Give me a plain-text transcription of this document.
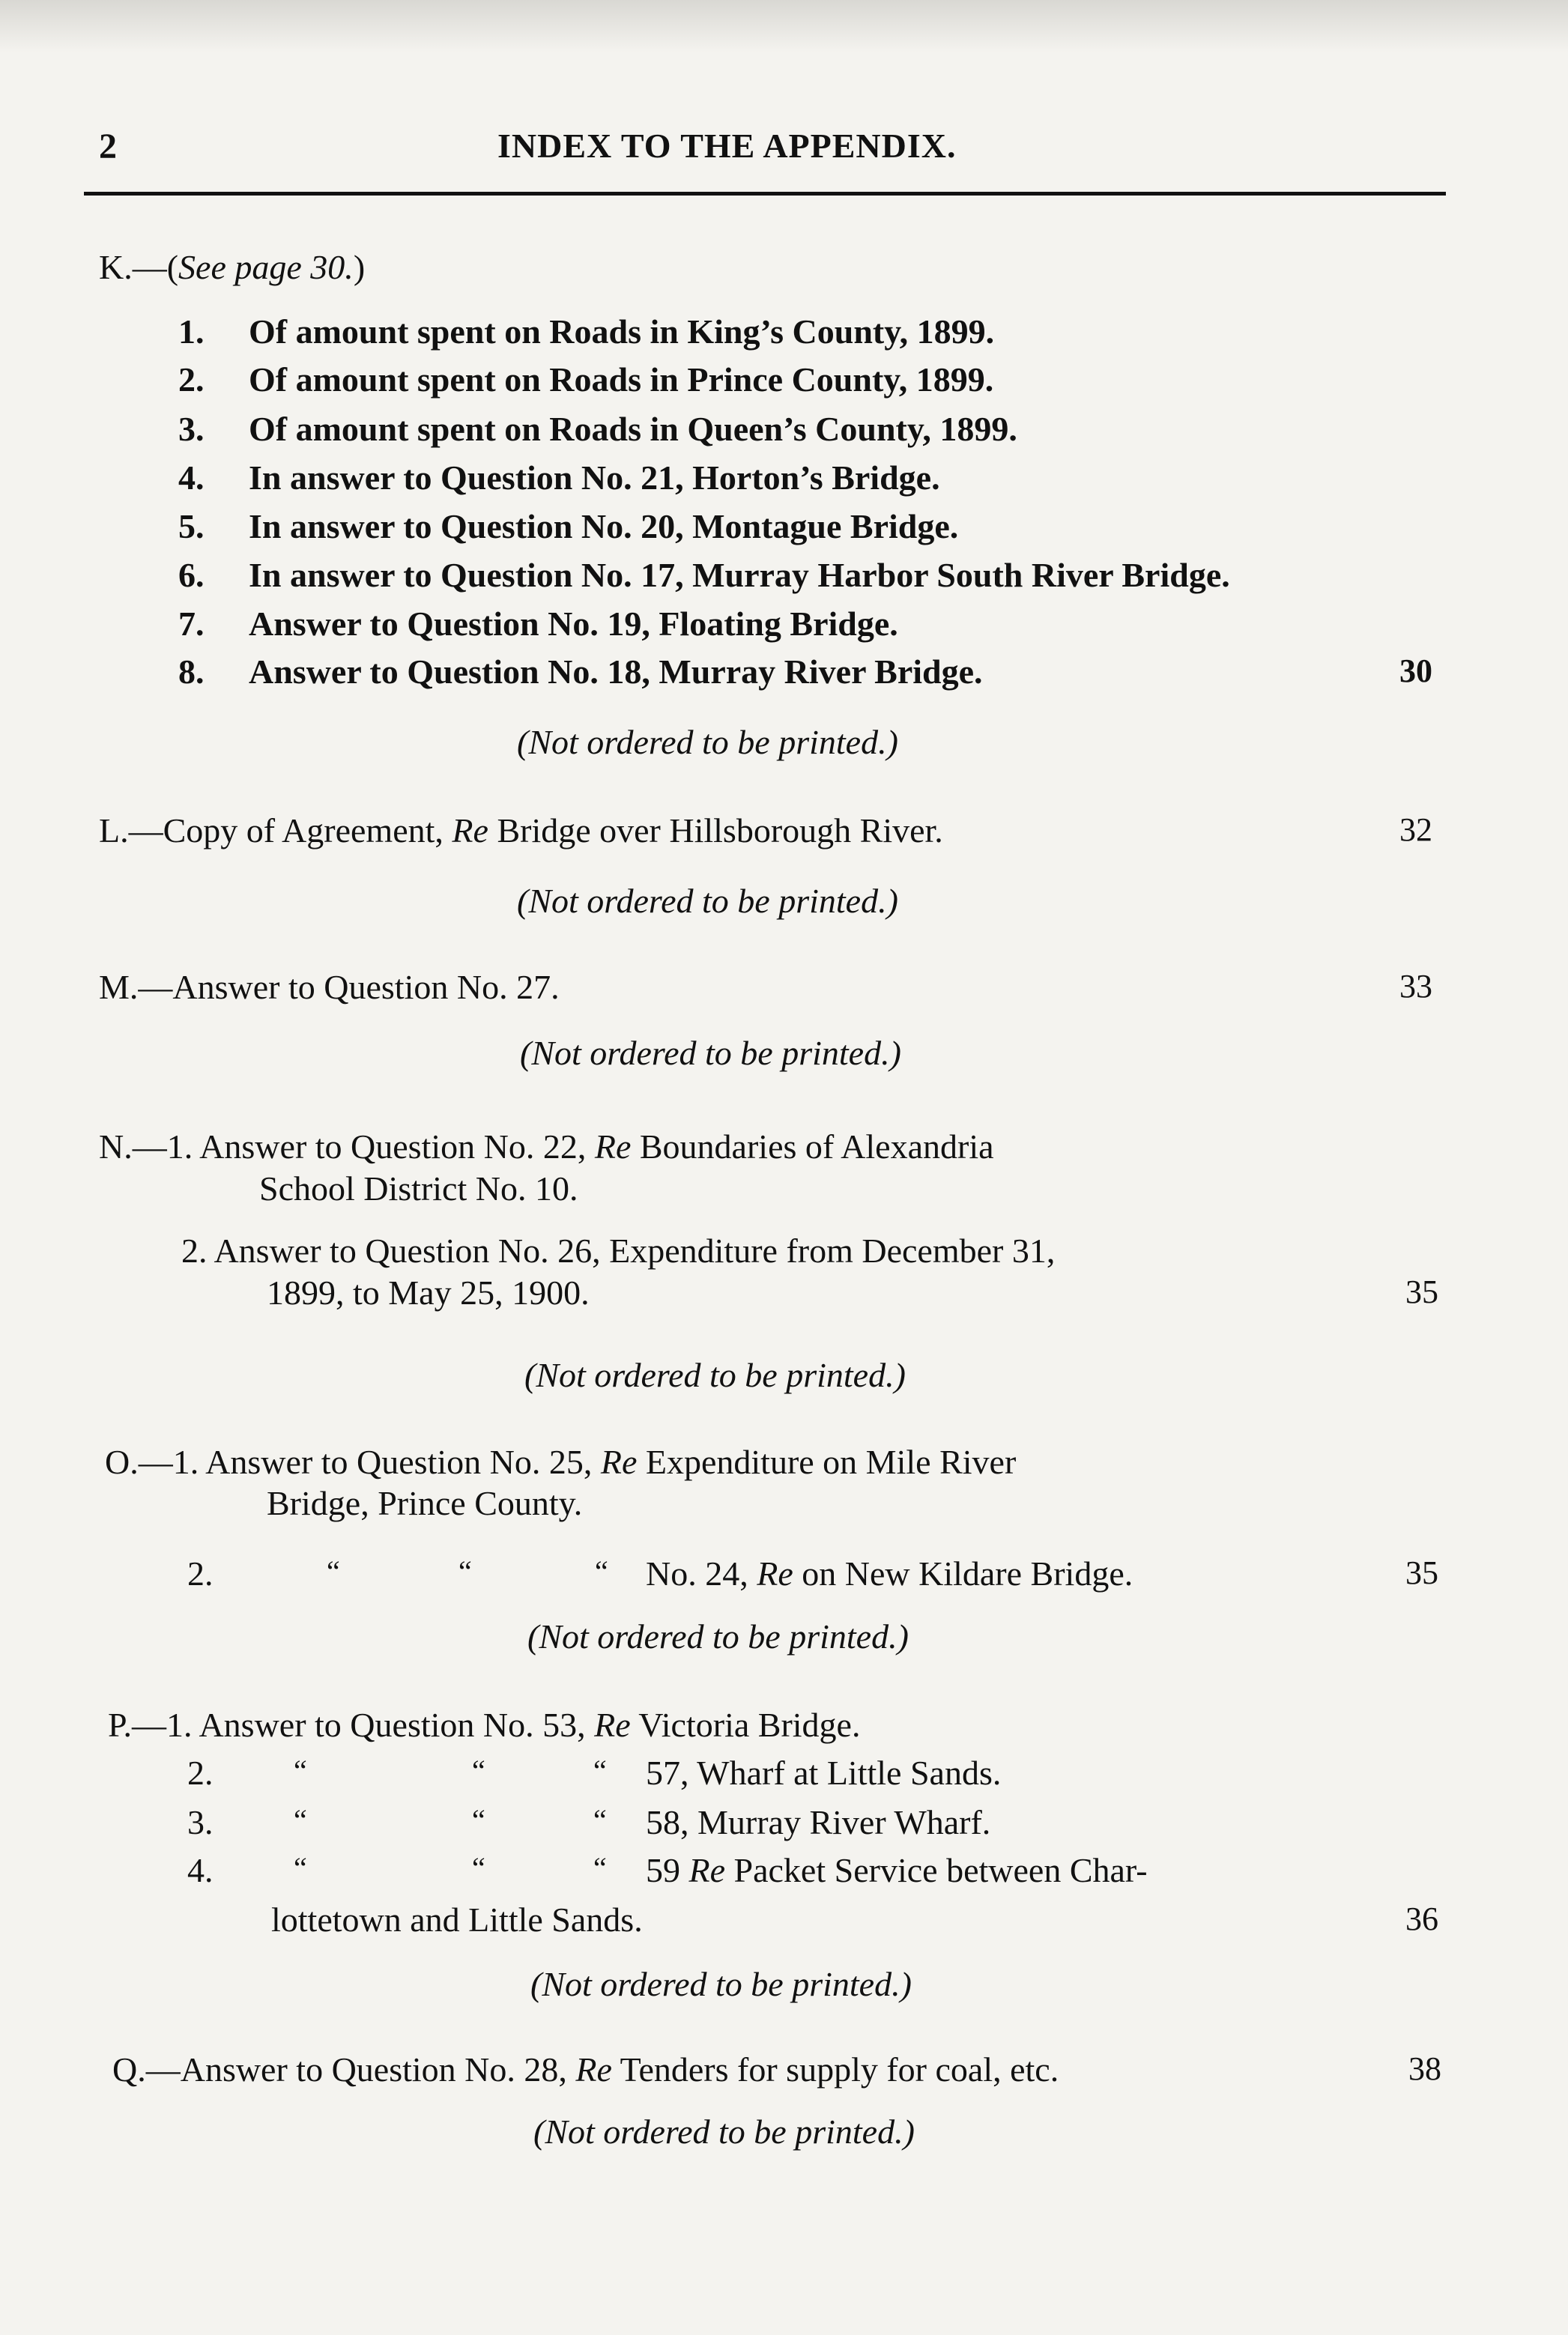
2	INDEX TO THE APPENDIX.
K.—(See page 30.)
1. Of amount spent on Roads in King’s County, 1899.
2. Of amount spent on Roads in Prince County, 1899.
3. Of amount spent on Roads in Queen’s County, 1899.
4. In answer to Question No. 21, Horton’s Bridge.
5. In answer to Question No. 20, Montague Bridge.
6. In answer to Question No. 17, Murray Harbor South River Bridge.
7. Answer to Question No. 19, Floating Bridge.
8. Answer to Question No. 18, Murray River Bridge.	30
(Not ordered to be printed.)
L.—Copy of Agreement, Re Bridge over Hillsborough River.	32
(Not ordered to be printed.)
M.—Answer to Question No. 27.	33
(Not ordered to be printed.)
N.—1. Answer to Question No. 22, Re Boundaries of Alexandria
School District No. 10.
2. Answer to Question No. 26, Expenditure from December 31,
1899, to May 25, 1900.	35
(Not ordered to be printed.)
O.—1. Answer to Question No. 25, Re Expenditure on Mile River
Bridge, Prince County.
2.	“	“	“ No. 24, Re on New Kildare Bridge.	35
(Not ordered to be printed.)
P.—1. Answer to Question No. 53, Re Victoria Bridge.
2.	“	“	“ 57, Wharf at Little Sands.
3.	“	“	“ 58, Murray River Wharf.
4.	“	“	“ 59 Re Packet Service between Char-
lottetown and Little Sands.	36
(Not ordered to be printed.)
Q.—Answer to Question No. 28, Re Tenders for supply for coal, etc.	38
(Not ordered to be printed.)
